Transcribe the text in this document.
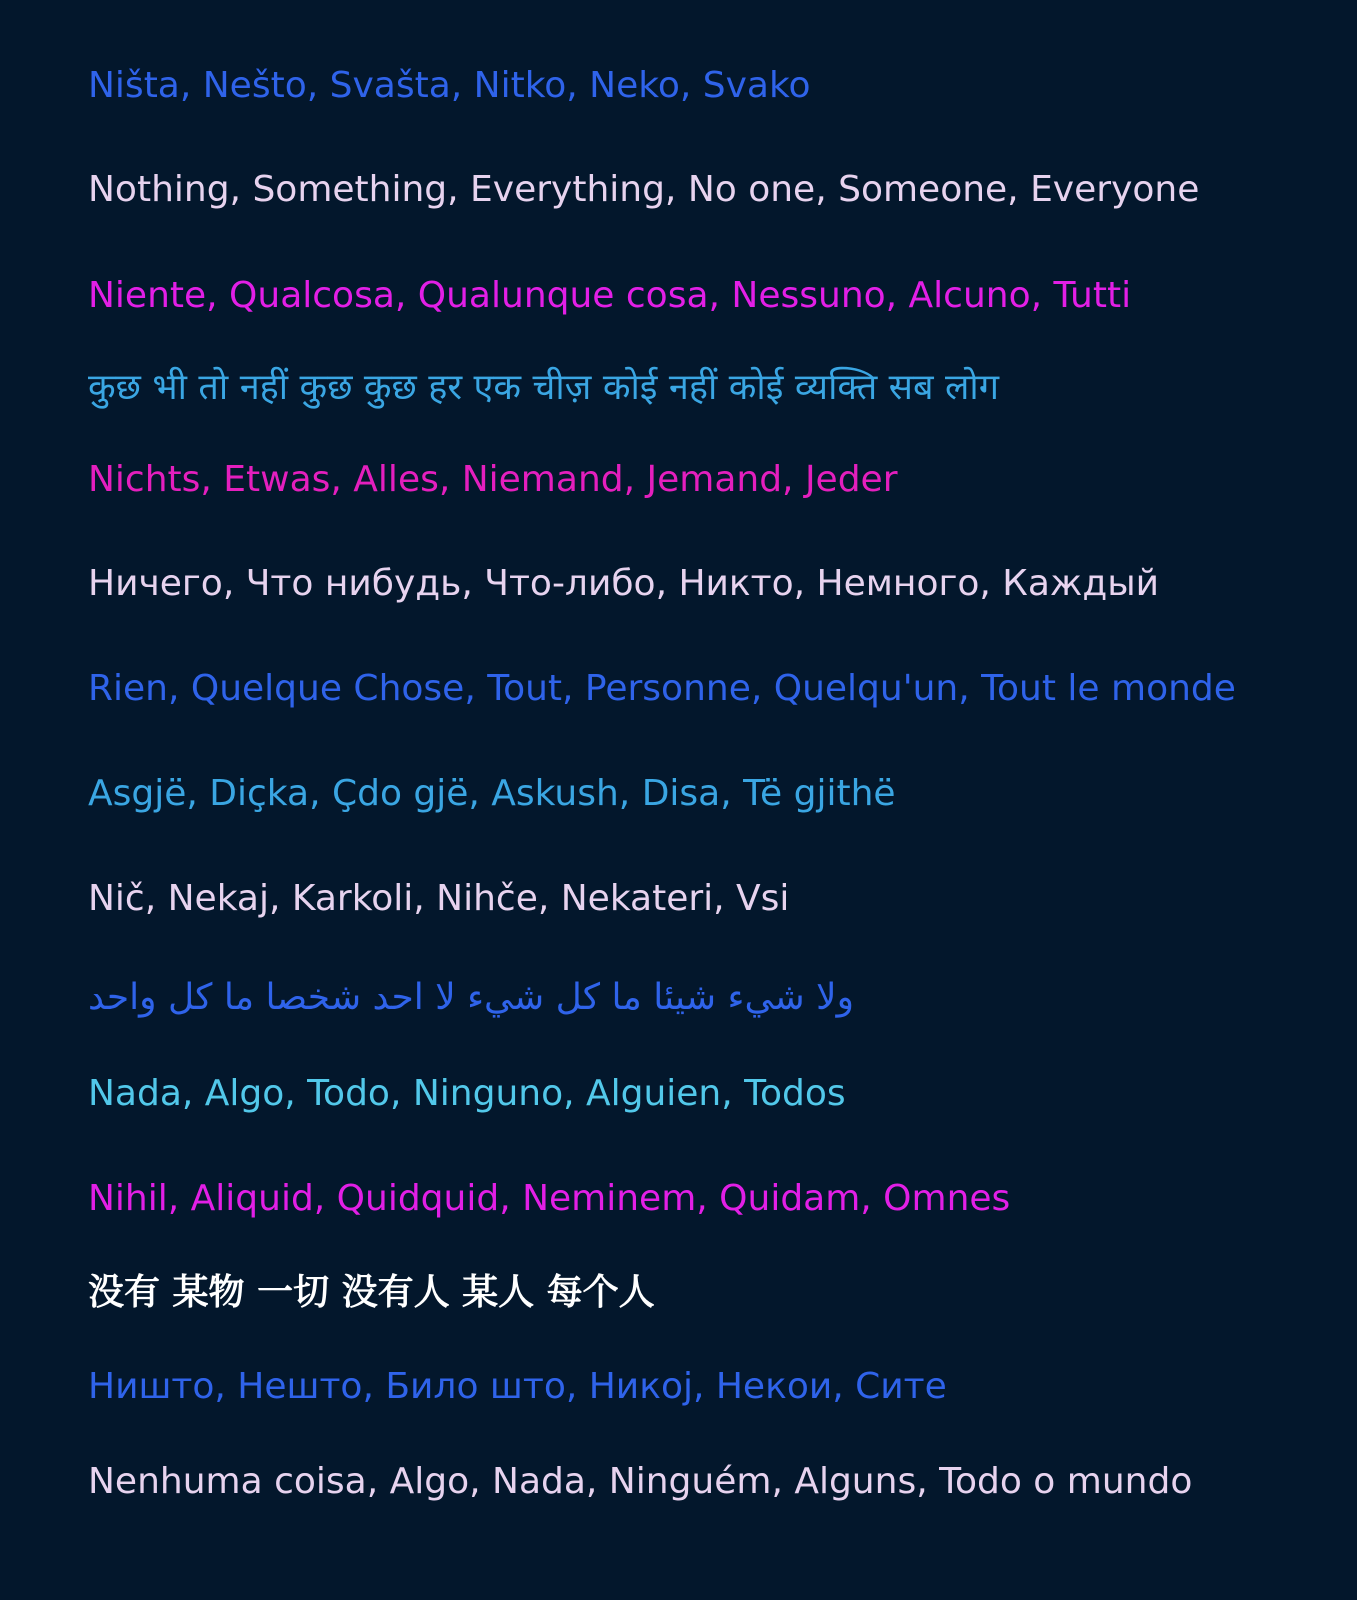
Ništa, Nešto, Svašta, Nitko, Neko, Svako
Nothing, Something, Everything, No one, Someone, Everyone
Niente, Qualcosa, Qualunque cosa, Nessuno, Alcuno, Tutti
कुछ भी तो नहीं कुछ कुछ हर एक चीज़ कोई नहीं कोई व्यक्ति सब लोग
Nichts, Etwas, Alles, Niemand, Jemand, Jeder
Ничего, Что нибудь, Что-либо, Никто, Немного, Каждый
Rien, Quelque Chose, Tout, Personne, Quelqu'un, Tout le monde
Asgjë, Diçka, Çdo gjë, Askush, Disa, Të gjithë
Nič, Nekaj, Karkoli, Nihče, Nekateri, Vsi
ولا شيء شيئا ما كل شيء لا احد شخصا ما كل واحد
Nada, Algo, Todo, Ninguno, Alguien, Todos
Nihil, Aliquid, Quidquid, Neminem, Quidam, Omnes
没有 某物 一切 没有人 某人 每个人
Ништо, Нешто, Било што, Никој, Некои, Сите
Nenhuma coisa, Algo, Nada, Ninguém, Alguns, Todo o mundo
